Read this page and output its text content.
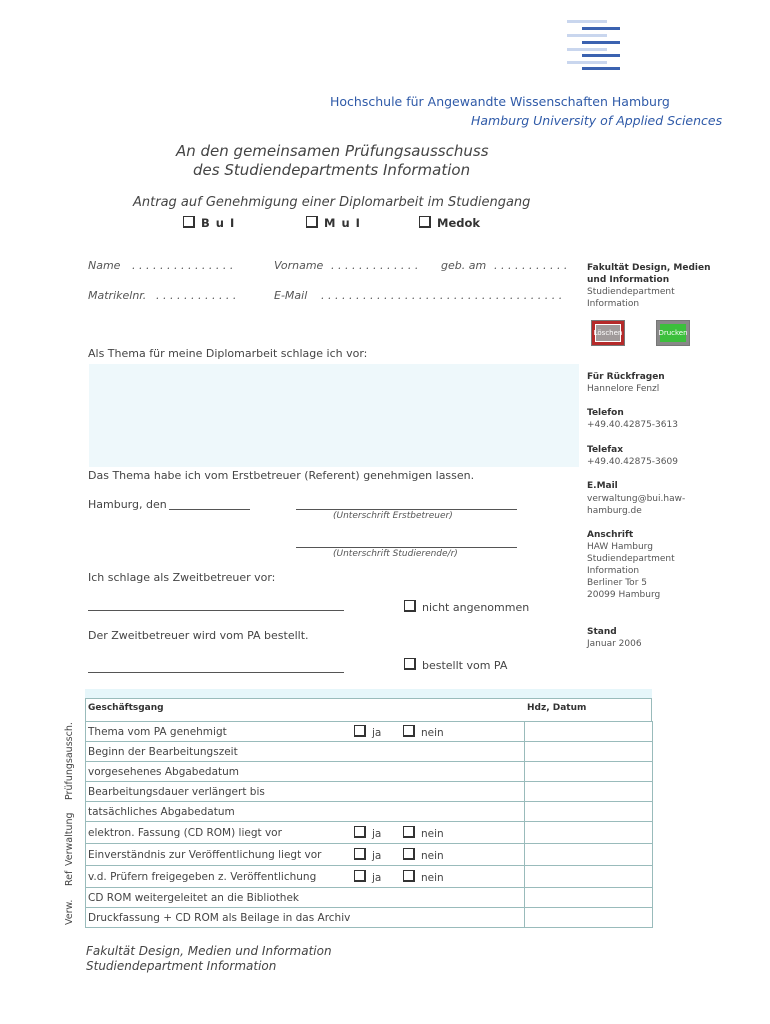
Hochschule für Angewandte Wissenschaften Hamburg
Hamburg University of Applied Sciences
An den gemeinsamen Prüfungsausschuss
des Studiendepartments Information
Antrag auf Genehmigung einer Diplomarbeit im Studiengang
B u I	M u I	Medok
Name . . . . . . . . . . . . . . .	Vorname . . . . . . . . . . . . . geb. am . . . . . . . . . . .
Matrikelnr. . . . . . . . . . . . .	E-Mail . . . . . . . . . . . . . . . . . . . . . . . . . . . . . . . . . . .
Fakultät Design, Medien
und Information
Studiendepartment
Information
Löschen	Drucken
Für Rückfragen
Hannelore Fenzl
Telefon
+49.40.42875-3613
Telefax
+49.40.42875-3609
E.Mail
verwaltung@bui.haw-
hamburg.de
Anschrift
HAW Hamburg
Studiendepartment
Information
Berliner Tor 5
20099 Hamburg
Stand
Januar 2006
Als Thema für meine Diplomarbeit schlage ich vor:
Das Thema habe ich vom Erstbetreuer (Referent) genehmigen lassen.
Hamburg, den
(Unterschrift Erstbetreuer)
(Unterschrift Studierende/r)
Ich schlage als Zweitbetreuer vor:
nicht angenommen
Der Zweitbetreuer wird vom PA bestellt.
bestellt vom PA
Geschäftsgang	Hdz, Datum
Thema vom PA genehmigt ja nein	

Beginn der Bearbeitungszeit	
vorgesehenes Abgabedatum	
Bearbeitungsdauer verlängert bis	
tatsächliches Abgabedatum	
elektron. Fassung (CD ROM) liegt vor ja nein	

Einverständnis zur Veröffentlichung liegt vor ja nein	

v.d. Prüfern freigegeben z. Veröffentlichung ja nein	

CD ROM weitergeleitet an die Bibliothek	
Druckfassung + CD ROM als Beilage in das Archiv	
Prüfungsaussch.
Verwaltung
Ref
Verw.
Fakultät Design, Medien und Information
Studiendepartment Information
